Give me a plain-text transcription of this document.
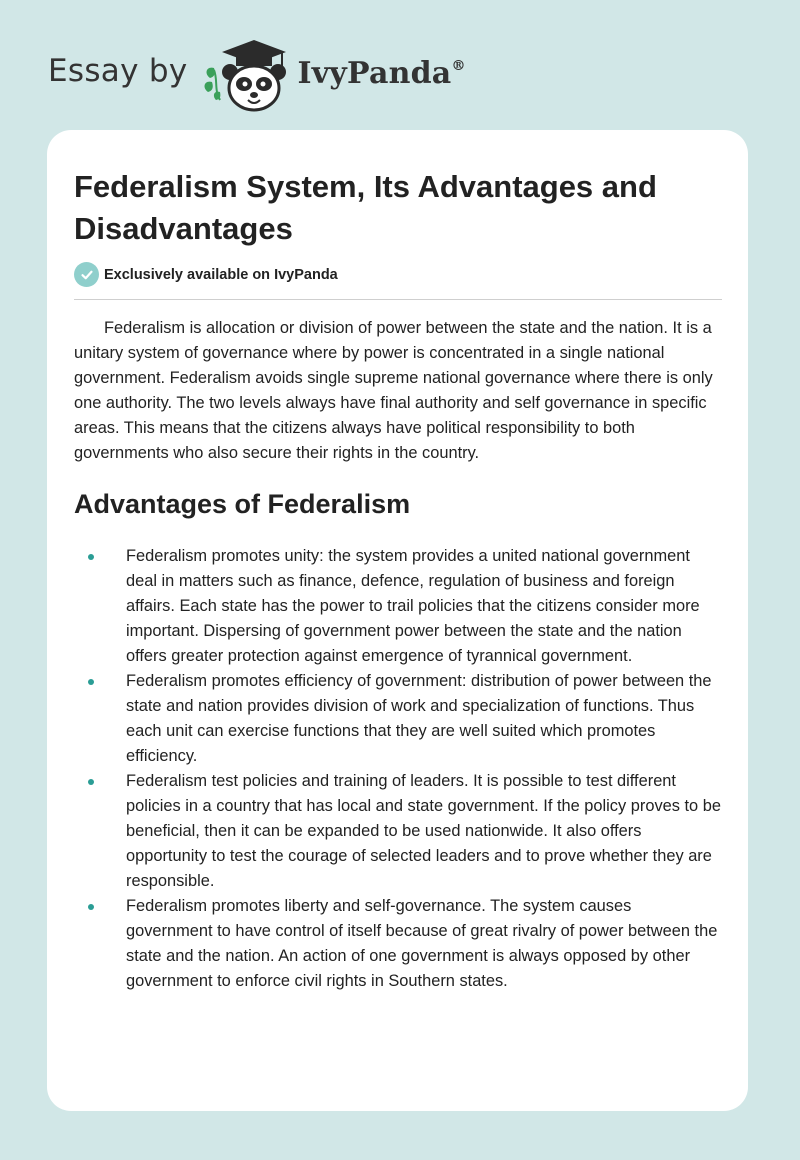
Essay by	IvyPanda®
Federalism System, Its Advantages and Disadvantages
Exclusively available on IvyPanda

Federalism is allocation or division of power between the state and the nation. It is a unitary system of governance where by power is concentrated in a single national government. Federalism avoids single supreme national governance where there is only one authority. The two levels always have final authority and self governance in specific areas. This means that the citizens always have political responsibility to both governments who also secure their rights in the country.

Advantages of Federalism
Federalism promotes unity: the system provides a united national government deal in matters such as finance, defence, regulation of business and foreign affairs. Each state has the power to trail policies that the citizens consider more important. Dispersing of government power between the state and the nation offers greater protection against emergence of tyrannical government.
Federalism promotes efficiency of government: distribution of power between the state and nation provides division of work and specialization of functions. Thus each unit can exercise functions that they are well suited which promotes efficiency.
Federalism test policies and training of leaders. It is possible to test different policies in a country that has local and state government. If the policy proves to be beneficial, then it can be expanded to be used nationwide. It also offers opportunity to test the courage of selected leaders and to prove whether they are responsible.
Federalism promotes liberty and self-governance. The system causes government to have control of itself because of great rivalry of power between the state and the nation. An action of one government is always opposed by other government to enforce civil rights in Southern states.
